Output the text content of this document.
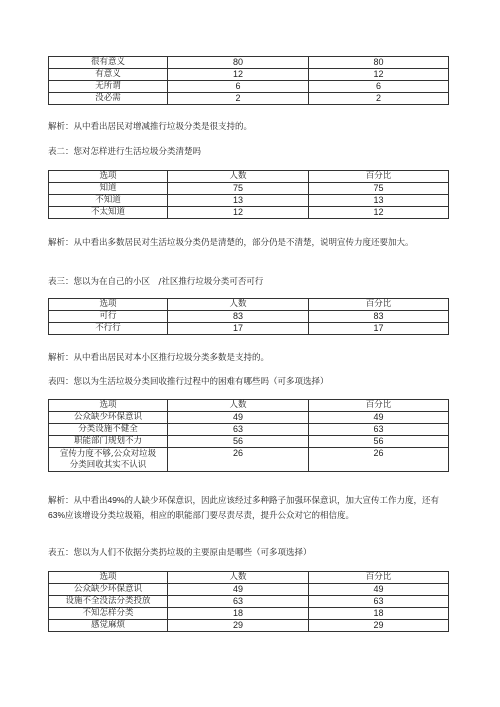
很有意义	80	80
有意义	12	12
无所谓	6	6
没必需	2	2

解析：从中看出居民对增减推行垃圾分类是很支持的。

表二：您对怎样进行生活垃圾分类清楚吗

选项	人数	百分比
知道	75	75
不知道	13	13
不太知道	12	12

解析：从中看出多数居民对生活垃圾分类仍是清楚的，部分仍是不清楚，说明宣传力度还要加大。

表三：您以为在自己的小区　/社区推行垃圾分类可否可行

选项	人数	百分比
可行	83	83
不行行	17	17

解析：从中看出居民对本小区推行垃圾分类多数是支持的。

表四：您以为生活垃圾分类回收推行过程中的困难有哪些吗（可多项选择）

选项	人数	百分比
公众缺少环保意识	49	49
分类设施不健全	63	63
职能部门规划不力	56	56
宣传力度不够,公众对垃圾分类回收其实不认识	26	26

解析：从中看出49%的人缺少环保意识，因此应该经过多种路子加强环保意识，加大宣传工作力度，还有63%应该增设分类垃圾箱，相应的职能部门要尽责尽责，提升公众对它的相信度。

表五：您以为人们不依据分类扔垃圾的主要原由是哪些（可多项选择）

选项	人数	百分比
公众缺少环保意识	49	49
设施不全没法分类投放	63	63
不知怎样分类	18	18
感觉麻烦	29	29
